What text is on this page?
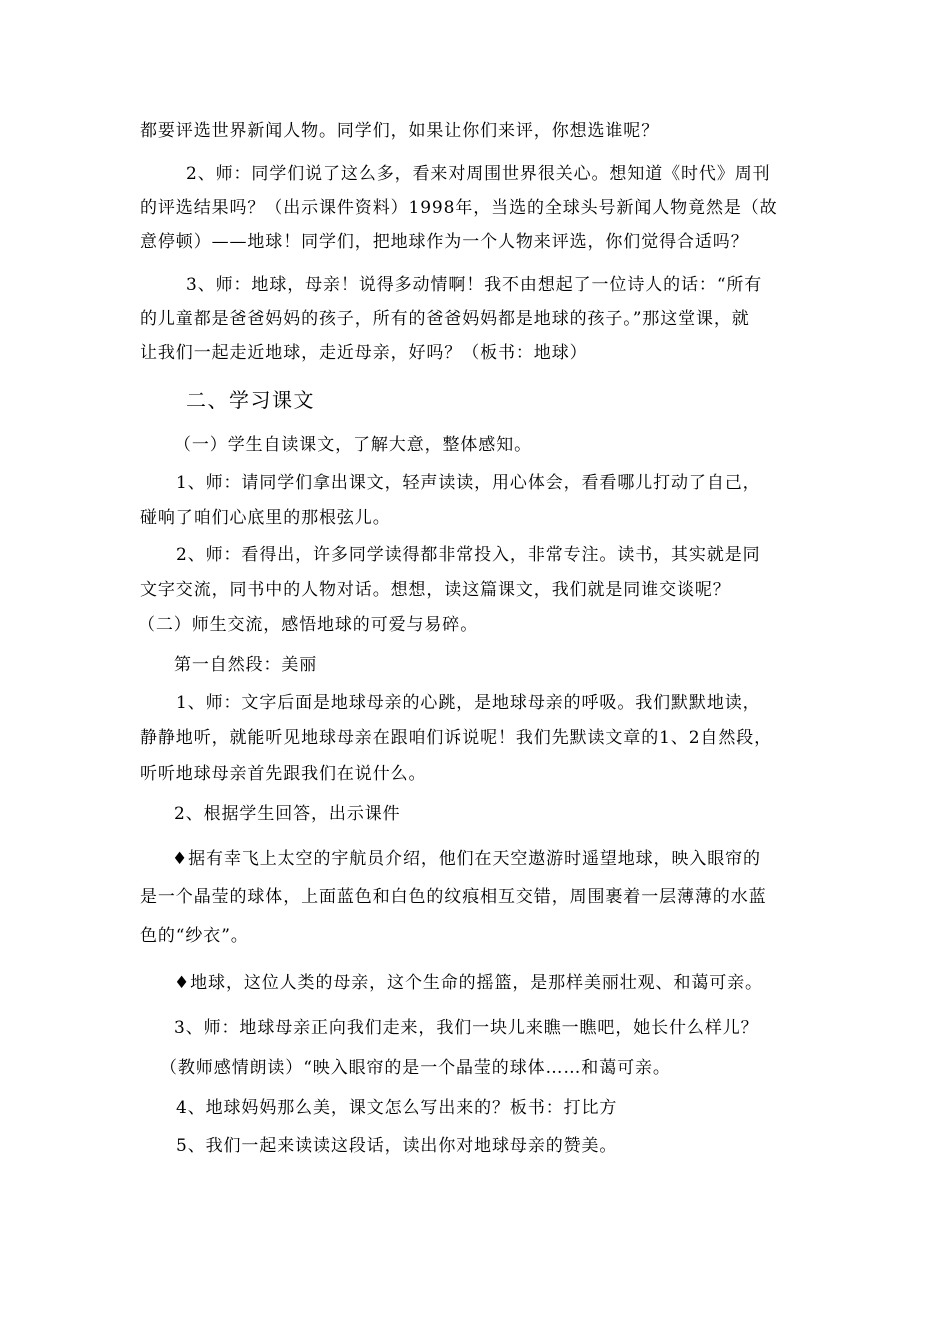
都要评选世界新闻人物。同学们，如果让你们来评，你想选谁呢？
2、师：同学们说了这么多，看来对周围世界很关心。想知道《时代》周刊
的评选结果吗？（出示课件资料）1998年，当选的全球头号新闻人物竟然是（故
意停顿）——地球！同学们，把地球作为一个人物来评选，你们觉得合适吗？
3、师：地球，母亲！说得多动情啊！我不由想起了一位诗人的话：“所有
的儿童都是爸爸妈妈的孩子，所有的爸爸妈妈都是地球的孩子。”那这堂课，就
让我们一起走近地球，走近母亲，好吗？（板书：地球）
二、学习课文
（一）学生自读课文，了解大意，整体感知。
1、师：请同学们拿出课文，轻声读读，用心体会，看看哪儿打动了自己，
碰响了咱们心底里的那根弦儿。
2、师：看得出，许多同学读得都非常投入，非常专注。读书，其实就是同
文字交流，同书中的人物对话。想想，读这篇课文，我们就是同谁交谈呢？
（二）师生交流，感悟地球的可爱与易碎。
第一自然段：美丽
1、师：文字后面是地球母亲的心跳，是地球母亲的呼吸。我们默默地读，
静静地听，就能听见地球母亲在跟咱们诉说呢！我们先默读文章的1、2自然段，
听听地球母亲首先跟我们在说什么。
2、根据学生回答，出示课件
♦据有幸飞上太空的宇航员介绍，他们在天空遨游时遥望地球，映入眼帘的
是一个晶莹的球体，上面蓝色和白色的纹痕相互交错，周围裹着一层薄薄的水蓝
色的“纱衣”。
♦地球，这位人类的母亲，这个生命的摇篮，是那样美丽壮观、和蔼可亲。
3、师：地球母亲正向我们走来，我们一块儿来瞧一瞧吧，她长什么样儿？
（教师感情朗读）“映入眼帘的是一个晶莹的球体……和蔼可亲。
4、地球妈妈那么美，课文怎么写出来的？板书：打比方
5、我们一起来读读这段话，读出你对地球母亲的赞美。
